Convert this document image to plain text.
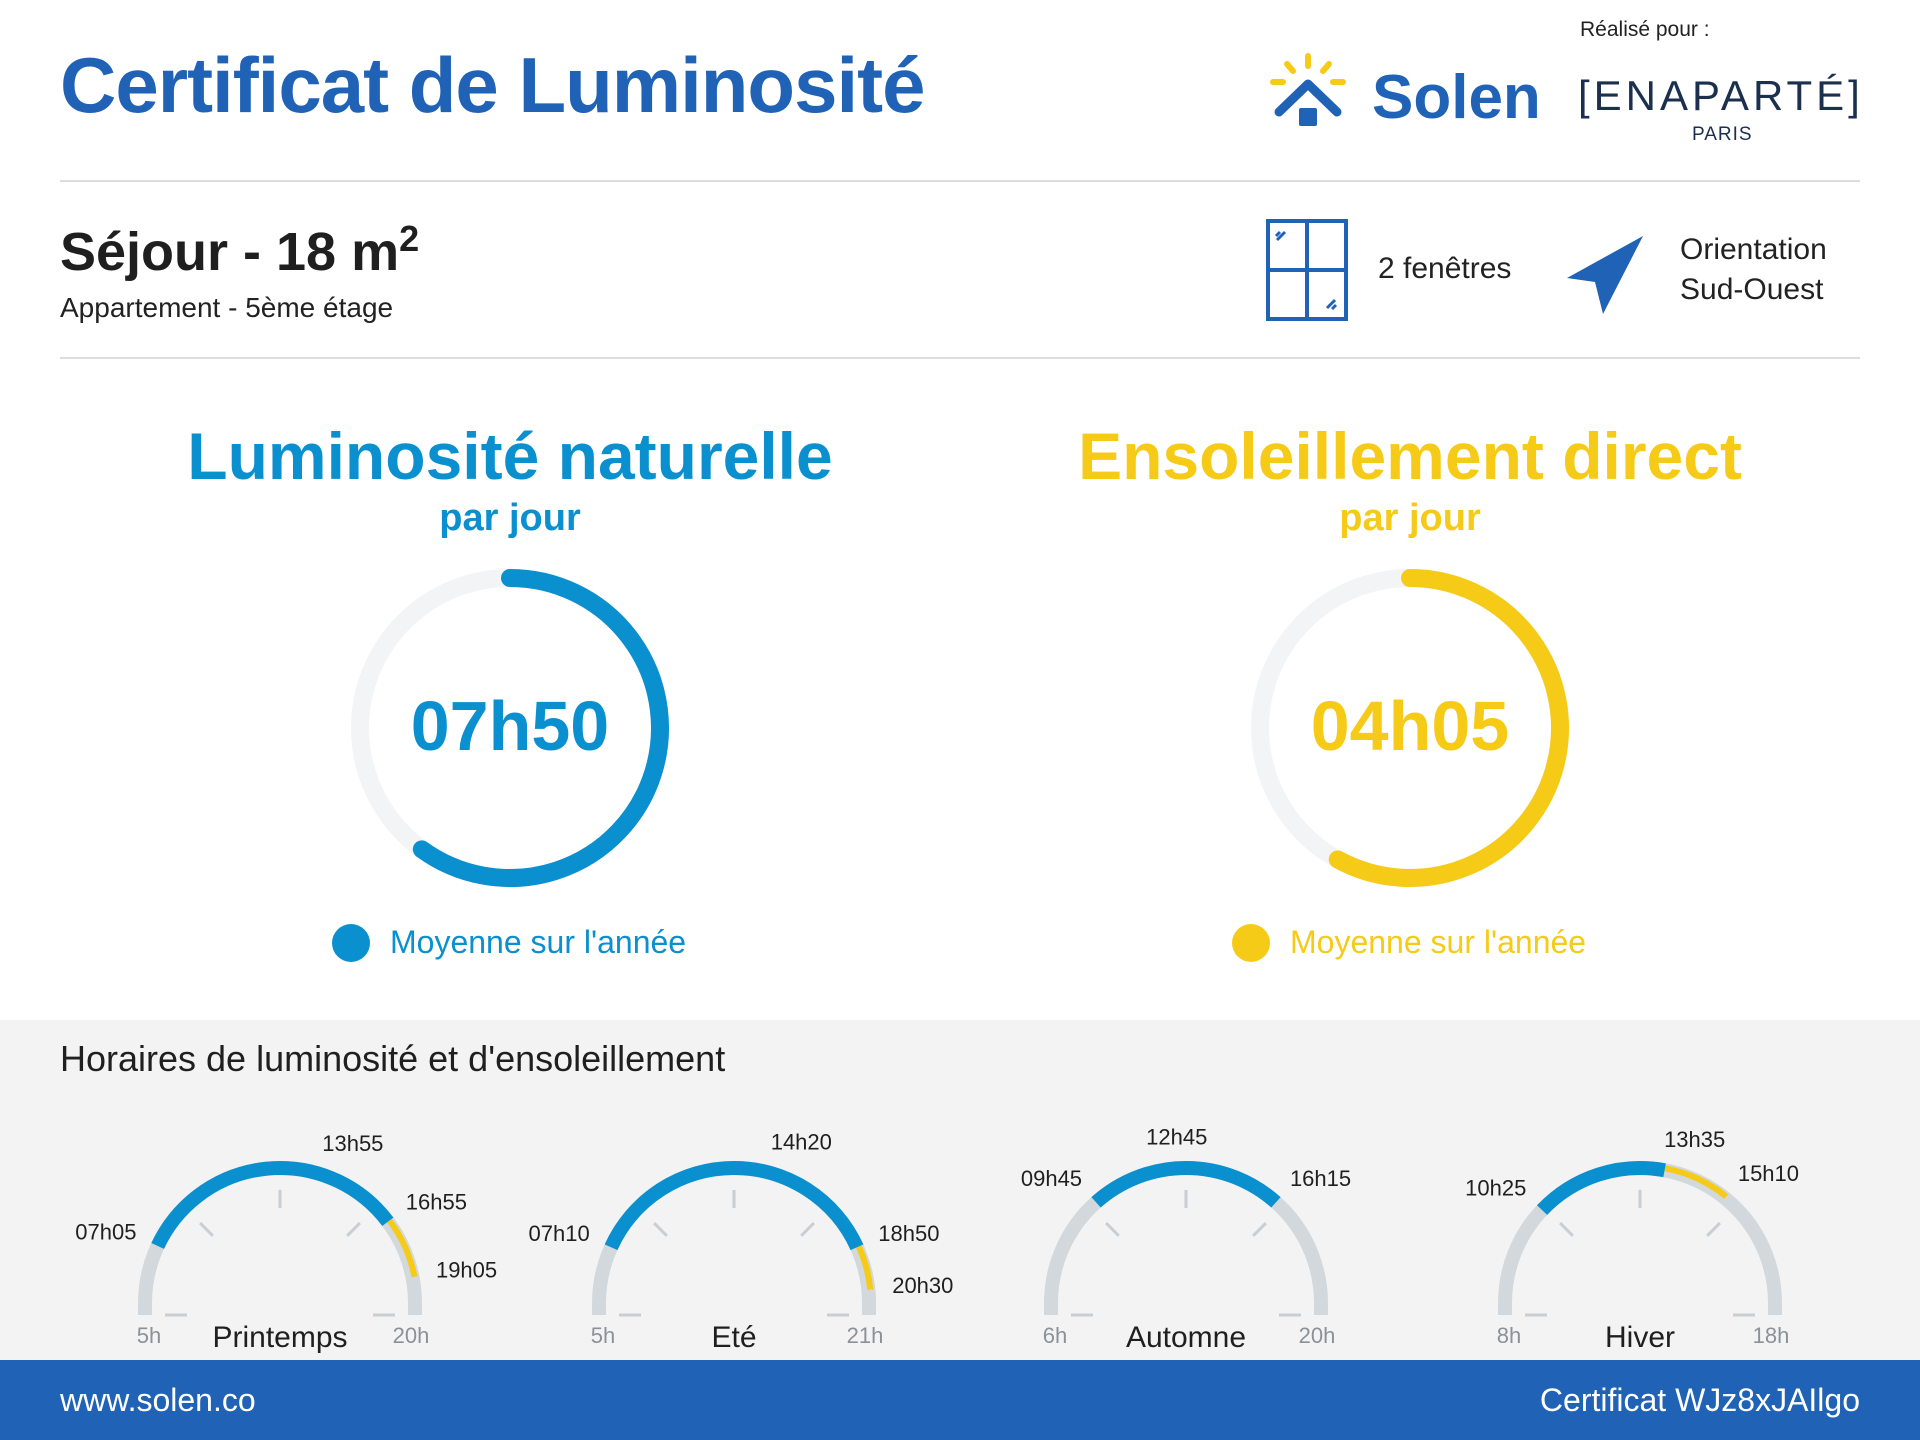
Certificat de Luminosité
Réalisé pour :
Solen [ENAPARTÉ]
PARIS
Séjour - 18 $m^2$
Appartement - 5ème étage
2 fenêtres
Orientation
Sud-Ouest
Luminosité naturelle
par jour
07h50
Moyenne sur l'année
Ensoleillement direct
par jour
04h05
Moyenne sur l'année
Horaires de luminosité et d'ensoleillement
07h05
13h55
16h55
19h05
5h	20h
Printemps
07h10
14h20
18h50
20h30
5h	21h
Eté
09h45
12h45
16h15
6h	20h
Automne
10h25
13h35
15h10
8h	18h
Hiver
www.solen.co	Certificat WJz8xJAIlgo
